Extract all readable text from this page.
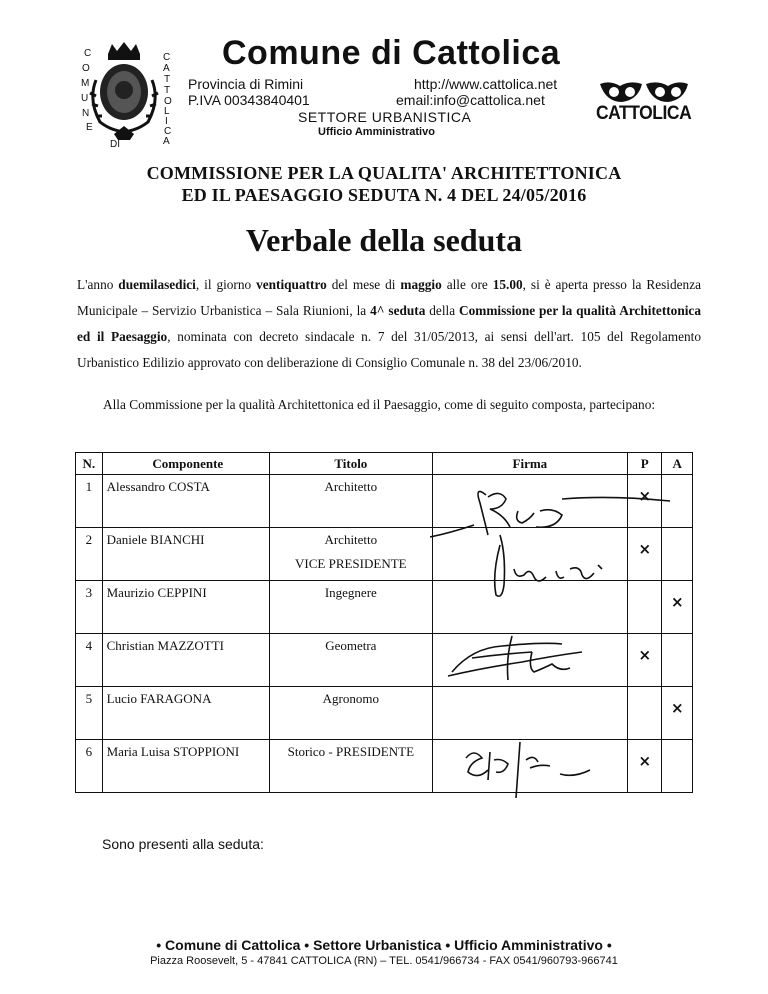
C
O
M
U
N
E
C
A
T
T
O
L
I
C
A
DI
Comune di Cattolica
Provincia di Rimini
P.IVA 00343840401
http://www.cattolica.net
email:info@cattolica.net
SETTORE URBANISTICA
Ufficio Amministrativo
CATTOLICA
COMMISSIONE PER LA QUALITA' ARCHITETTONICA
ED IL PAESAGGIO SEDUTA N. 4 DEL 24/05/2016
Verbale della seduta
L'anno duemilasedici, il giorno ventiquattro del mese di maggio alle ore 15.00, si è aperta presso la Residenza Municipale – Servizio Urbanistica – Sala Riunioni, la 4^ seduta della Commissione per la qualità Architettonica ed il Paesaggio, nominata con decreto sindacale n. 7 del 31/05/2013, ai sensi dell'art. 105 del Regolamento Urbanistico Edilizio approvato con deliberazione di Consiglio Comunale n. 38 del 23/06/2010.
Alla Commissione per la qualità Architettonica ed il Paesaggio, come di seguito composta, partecipano:
N.	Componente	Titolo	Firma	P	A
1	Alessandro COSTA	Architetto		×	
2	Daniele BIANCHI	Architetto
VICE PRESIDENTE		×	
3	Maurizio CEPPINI	Ingegnere			×
4	Christian MAZZOTTI	Geometra		×	
5	Lucio FARAGONA	Agronomo			×
6	Maria Luisa STOPPIONI	Storico - PRESIDENTE		×	
Sono presenti alla seduta:
• Comune di Cattolica • Settore Urbanistica • Ufficio Amministrativo •
Piazza Roosevelt, 5 - 47841 CATTOLICA (RN) – TEL. 0541/966734 - FAX 0541/960793-966741
